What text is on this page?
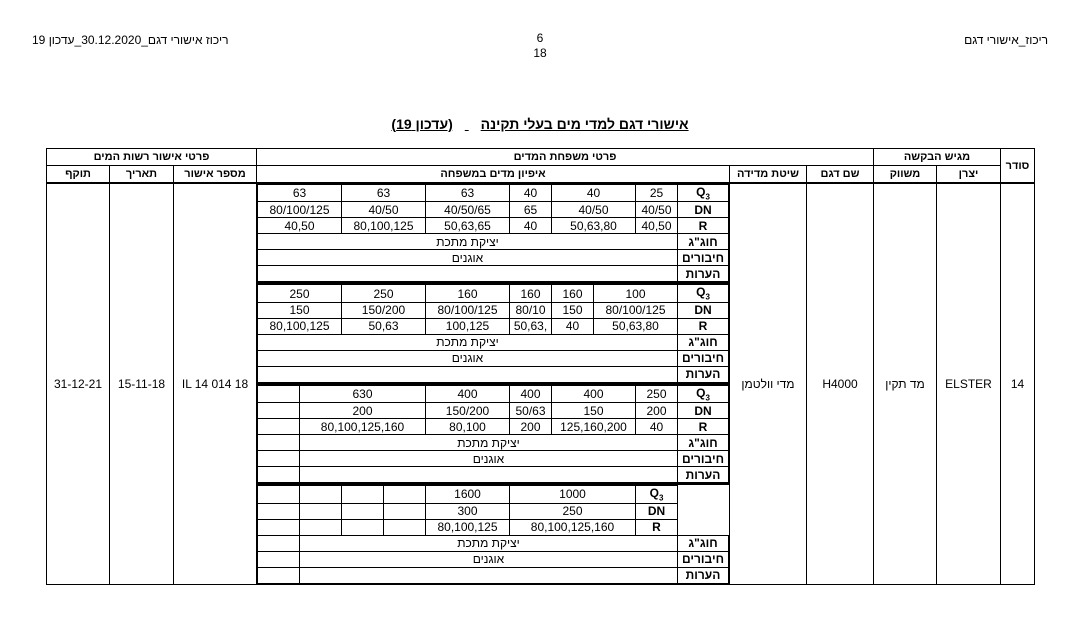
ריכוז אישורי דגם_30.12.2020_עדכון 19	6
18
ריכוז_אישורי דגם
אישורי דגם למדי מים בעלי תקינה (עדכון 19)
פרטי אישור רשות המים	פרטי משפחת המדים	מגיש הבקשה	סודר
תוקף	תאריך	מספר אישור	איפיון מדים במשפחה	שיטת מדידה	שם דגם	משווק	יצרן
31-12-21	15-11-18	IL 14 014 18	
63	63	63	40	40	25	$Q_3$
80/100/125	40/50	40/50/65	65	40/50	40/50	DN
40,50	80,100,125	50,63,65	40	50,63,80	40,50	R
יציקת מתכת	חוג"ג
אוגנים	חיבורים
	הערות
250	250	160	160	160	100	$Q_3$
150	150/200	80/100/125	80/10	150	80/100/125	DN
80,100,125	50,63	100,125	50,63,	40	50,63,80	R
יציקת מתכת	חוג"ג
אוגנים	חיבורים
	הערות
	630	400	400	400	250	$Q_3$
	200	150/200	50/63	150	200	DN
	80,100,125,160	80,100	200	125,160,200	40	R
	יציקת מתכת	חוג"ג
	אוגנים	חיבורים
		הערות
				1600	1000	$Q_3$
				300	250	DN
				80,100,125	80,100,125,160	R
	יציקת מתכת	חוג"ג
	אוגנים	חיבורים
		הערות
	מדי וולטמן	H4000	מד תקין	ELSTER	14
